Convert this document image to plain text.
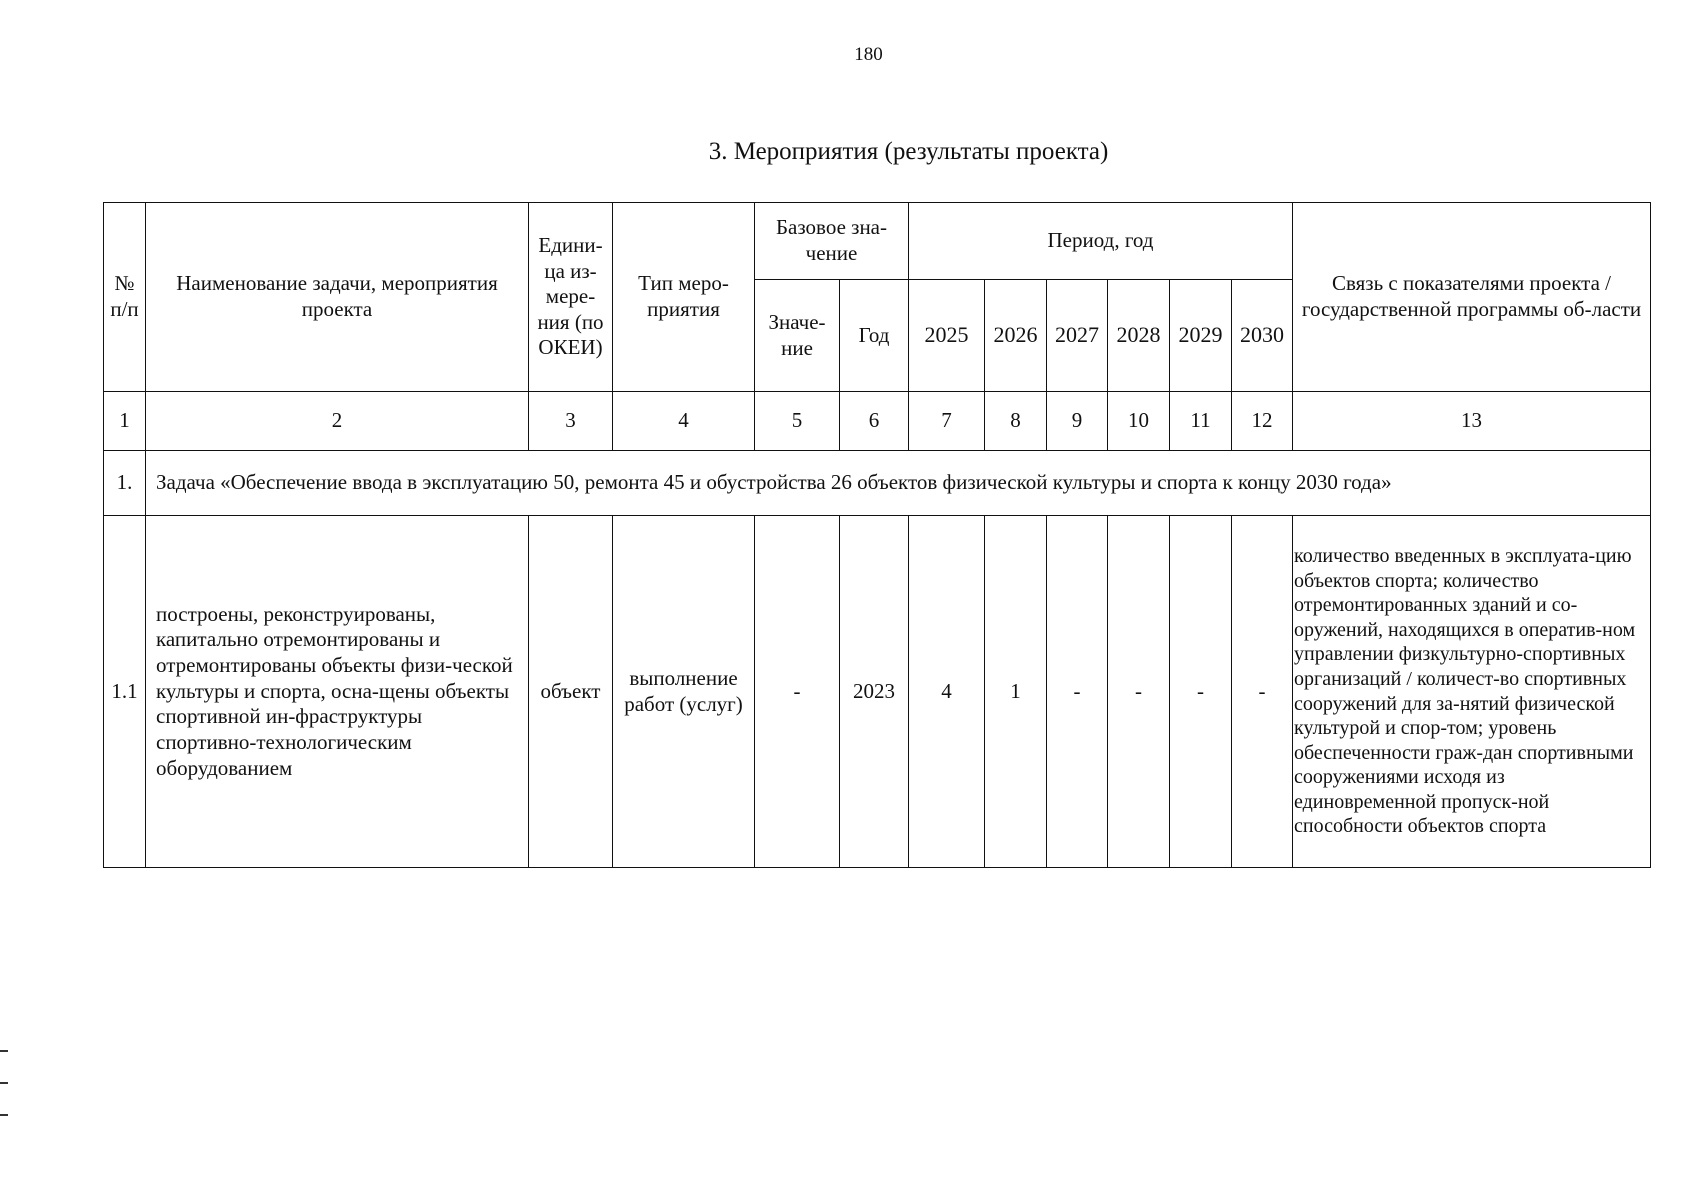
180
3. Мероприятия (результаты проекта)
№ п/п	Наименование задачи, мероприятия проекта	Едини-ца из-мере-ния (по ОКЕИ)	Тип меро-приятия	Базовое зна-чение		Период, год						Связь с показателями проекта / государственной программы об-ласти
				Значе-ние	Год	2025	2026	2027	2028	2029	2030	
1	2	3	4	5	6	7	8	9	10	11	12	13
1.	Задача «Обеспечение ввода в эксплуатацию 50, ремонта 45 и обустройства 26 объектов физической культуры и спорта к концу 2030 года»											
1.1	построены, реконструированы, капитально отремонтированы и отремонтированы объекты физи-ческой культуры и спорта, осна-щены объекты спортивной ин-фраструктуры спортивно-технологическим оборудованием	объект	выполнение работ (услуг)	-	2023	4	1	-	-	-	-	количество введенных в эксплуата-цию объектов спорта; количество отремонтированных зданий и со-оружений, находящихся в оператив-ном управлении физкультурно-спортивных организаций / количест-во спортивных сооружений для за-нятий физической культурой и спор-том; уровень обеспеченности граж-дан спортивными сооружениями исходя из единовременной пропуск-ной способности объектов спорта
